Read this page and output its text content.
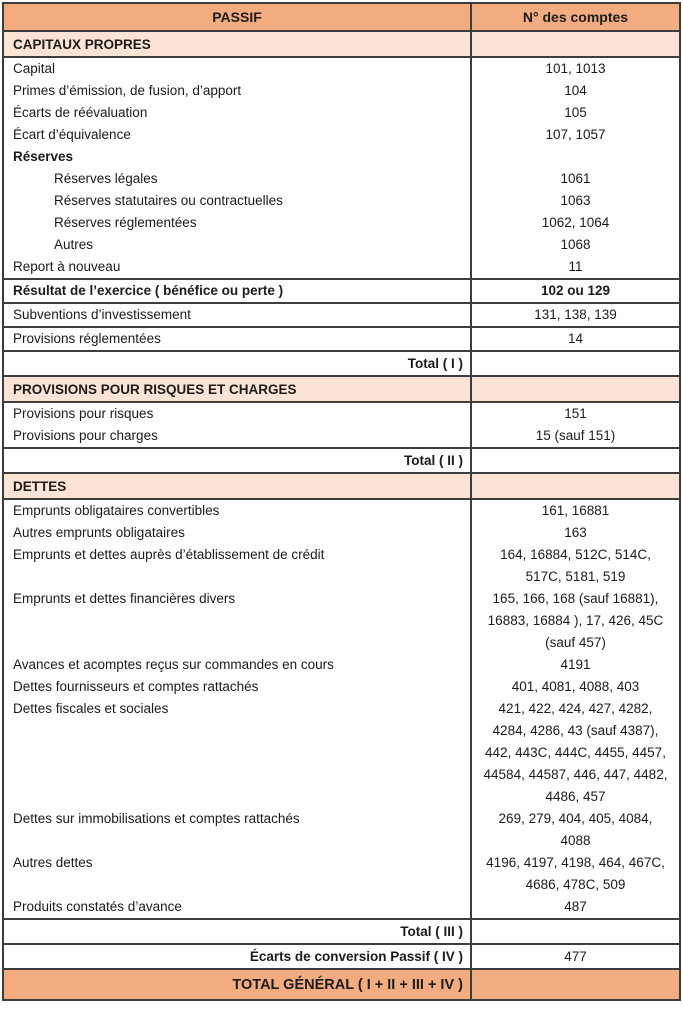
PASSIF	N° des comptes
CAPITAUX PROPRES
Capital	101, 1013
Primes d’émission, de fusion, d’apport	104
Écarts de réévaluation	105
Écart d’équivalence	107, 1057
Réserves
Réserves légales	1061
Réserves statutaires ou contractuelles	1063
Réserves réglementées	1062, 1064
Autres	1068
Report à nouveau	11
Résultat de l’exercice ( bénéfice ou perte )	102 ou 129
Subventions d’investissement	131, 138, 139
Provisions réglementées	14
Total ( I )
PROVISIONS POUR RISQUES ET CHARGES
Provisions pour risques	151
Provisions pour charges	15 (sauf 151)
Total ( II )
DETTES
Emprunts obligataires convertibles	161, 16881
Autres emprunts obligataires	163
Emprunts et dettes auprès d’établissement de crédit	164, 16884, 512C, 514C, 517C, 5181, 519
Emprunts et dettes financières divers	165, 166, 168 (sauf 16881), 16883, 16884 ), 17, 426, 45C (sauf 457)
Avances et acomptes reçus sur commandes en cours	4191
Dettes fournisseurs et comptes rattachés	401, 4081, 4088, 403
Dettes fiscales et sociales	421, 422, 424, 427, 4282, 4284, 4286, 43 (sauf 4387), 442, 443C, 444C, 4455, 4457, 44584, 44587, 446, 447, 4482, 4486, 457
Dettes sur immobilisations et comptes rattachés	269, 279, 404, 405, 4084, 4088
Autres dettes	4196, 4197, 4198, 464, 467C, 4686, 478C, 509
Produits constatés d’avance	487
Total ( III )
Écarts de conversion Passif ( IV )	477
TOTAL GÉNÉRAL ( I + II + III + IV )
